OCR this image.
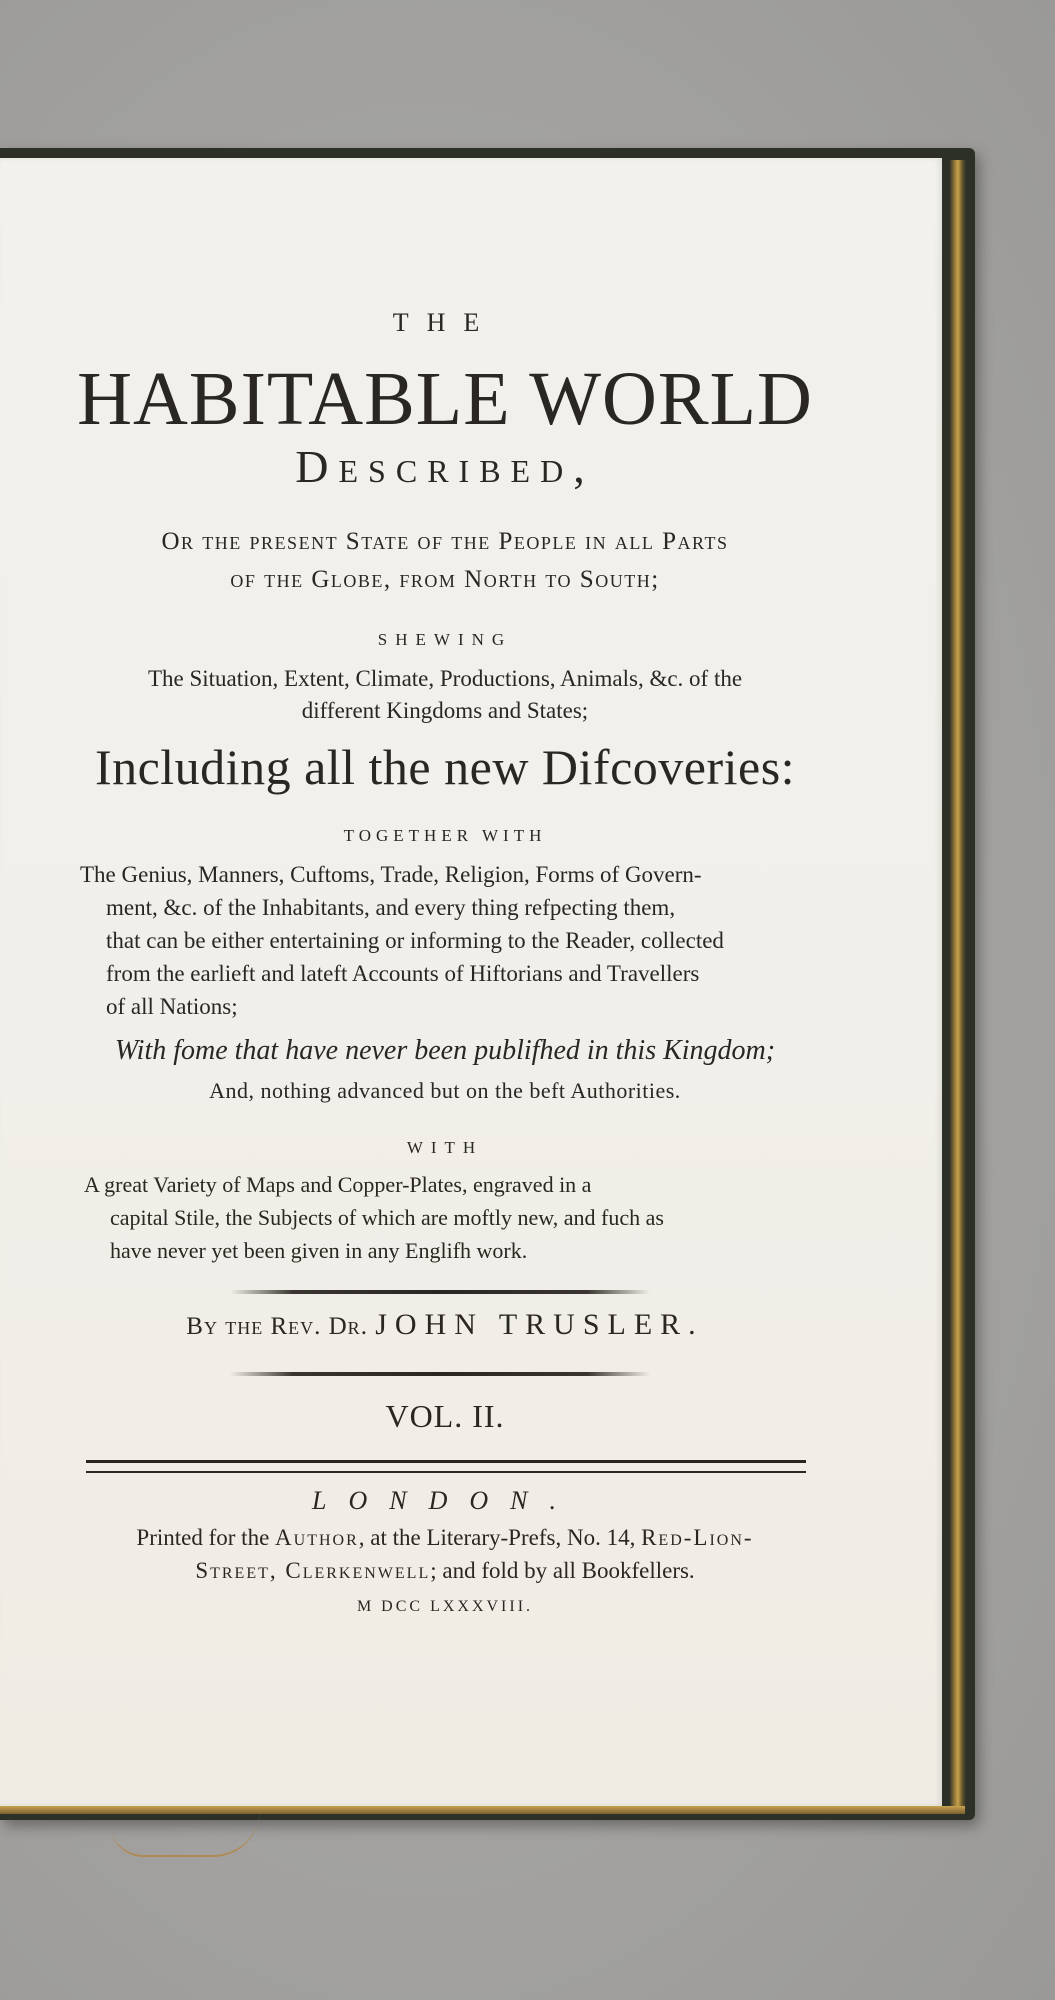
THE
HABITABLE WORLD
Described,
Or the present State of the People in all Parts
of the Globe, from North to South;
SHEWING
The Situation, Extent, Climate, Productions, Animals, &c. of the
different Kingdoms and States;
Including all the new Difcoveries:
TOGETHER WITH
The Genius, Manners, Cuftoms, Trade, Religion, Forms of Govern-
ment, &c. of the Inhabitants, and every thing refpecting them,
that can be either entertaining or informing to the Reader, collected
from the earlieft and lateft Accounts of Hiftorians and Travellers
of all Nations;
With fome that have never been publifhed in this Kingdom;
And, nothing advanced but on the beft Authorities.
WITH
A great Variety of Maps and Copper-Plates, engraved in a
capital Stile, the Subjects of which are moftly new, and fuch as
have never yet been given in any Englifh work.
By the Rev. Dr. JOHN TRUSLER.
VOL. II.
LONDON.
Printed for the Author, at the Literary-Prefs, No. 14, Red-Lion-
Street, Clerkenwell; and fold by all Bookfellers.
M DCC LXXXVIII.
